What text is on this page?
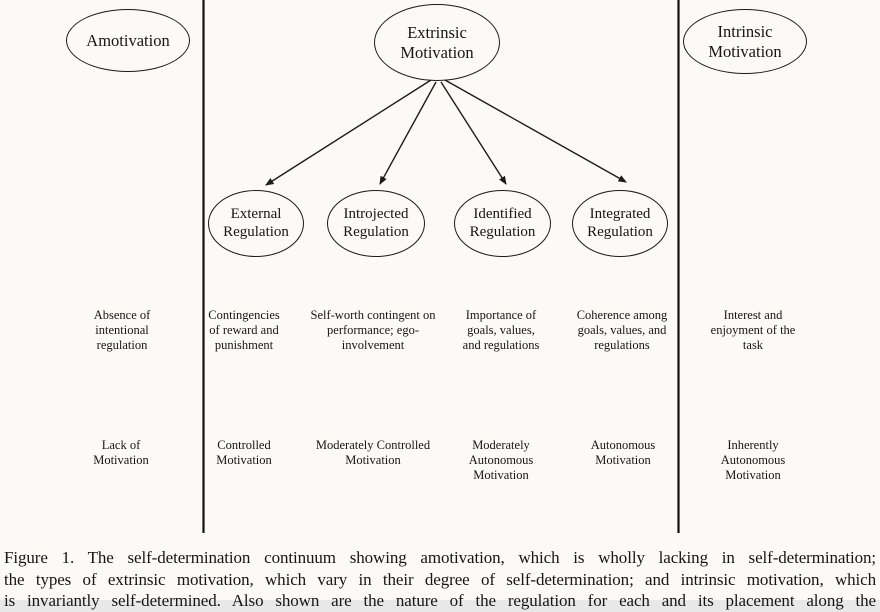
Amotivation	Extrinsic Motivation
Intrinsic Motivation
External Regulation
Introjected Regulation
Identified Regulation
Integrated Regulation
Absence of intentional regulation
Contingencies of reward and punishment
Self-worth contingent on performance; ego-involvement
Importance of goals, values, and regulations
Coherence among goals, values, and regulations
Interest and enjoyment of the task
Lack of Motivation
Controlled Motivation
Moderately Controlled Motivation
Moderately Autonomous Motivation
Autonomous Motivation
Inherently Autonomous Motivation
Figure 1. The self-determination continuum showing amotivation, which is wholly lacking in self-determination;
the types of extrinsic motivation, which vary in their degree of self-determination; and intrinsic motivation, which
is invariantly self-determined. Also shown are the nature of the regulation for each and its placement along the
